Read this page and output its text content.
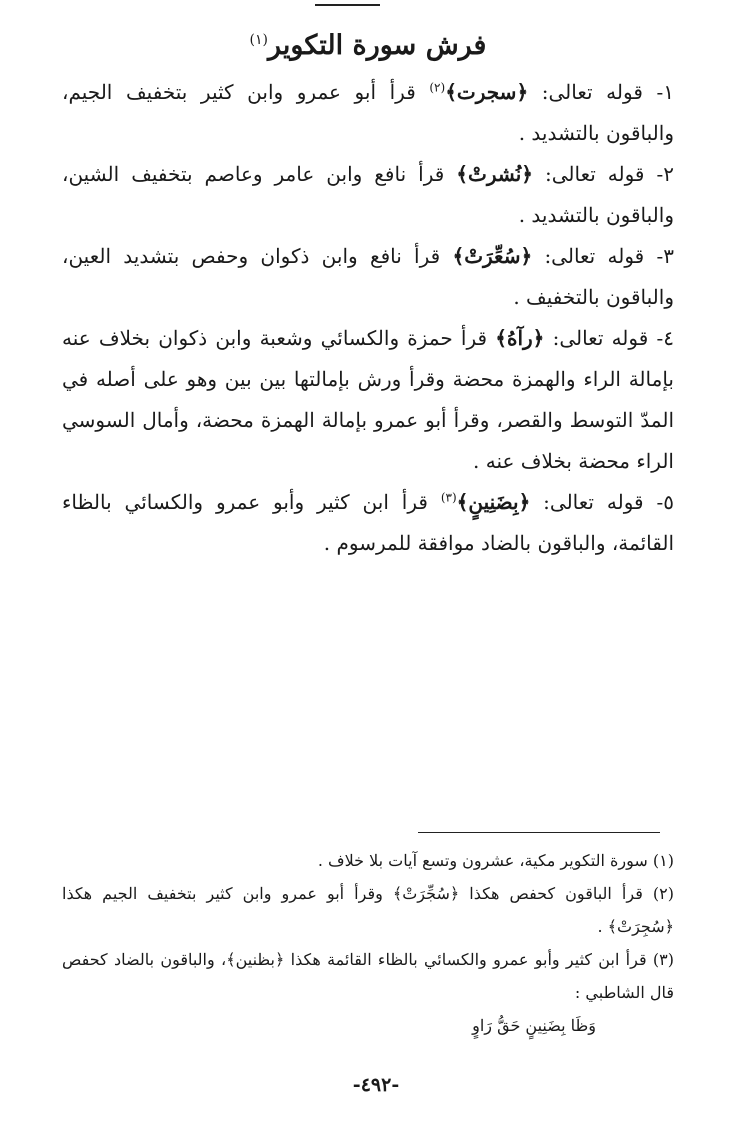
فرش سورة التكوير$^{(١)}$

١- قوله تعالى: ﴿سجرت﴾$^{(٢)}$ قرأ أبو عمرو وابن كثير بتخفيف الجيم، والباقون بالتشديد .

٢- قوله تعالى: ﴿نُشرتْ﴾ قرأ نافع وابن عامر وعاصم بتخفيف الشين، والباقون بالتشديد .

٣- قوله تعالى: ﴿سُعِّرَتْ﴾ قرأ نافع وابن ذكوان وحفص بتشديد العين، والباقون بالتخفيف .

٤- قوله تعالى: ﴿رآهُ﴾ قرأ حمزة والكسائي وشعبة وابن ذكوان بخلاف عنه بإمالة الراء والهمزة محضة وقرأ ورش بإمالتها بين بين وهو على أصله في المدّ التوسط والقصر، وقرأ أبو عمرو بإمالة الهمزة محضة، وأمال السوسي الراء محضة بخلاف عنه .

٥- قوله تعالى: ﴿بِضَنِينٍ﴾$^{(٣)}$ قرأ ابن كثير وأبو عمرو والكسائي بالظاء القائمة، والباقون بالضاد موافقة للمرسوم .

(١) سورة التكوير مكية، عشرون وتسع آيات بلا خلاف .

(٢) قرأ الباقون كحفص هكذا ﴿سُجِّرَتْ﴾ وقرأ أبو عمرو وابن كثير بتخفيف الجيم هكذا ﴿سُجِرَتْ﴾ .

(٣) قرأ ابن كثير وأبو عمرو والكسائي بالظاء القائمة هكذا ﴿بظنين﴾، والباقون بالضاد كحفص قال الشاطبي :

وَظَا بِضَنِينٍ حَقُّ رَاوٍ

-٤٩٢-
